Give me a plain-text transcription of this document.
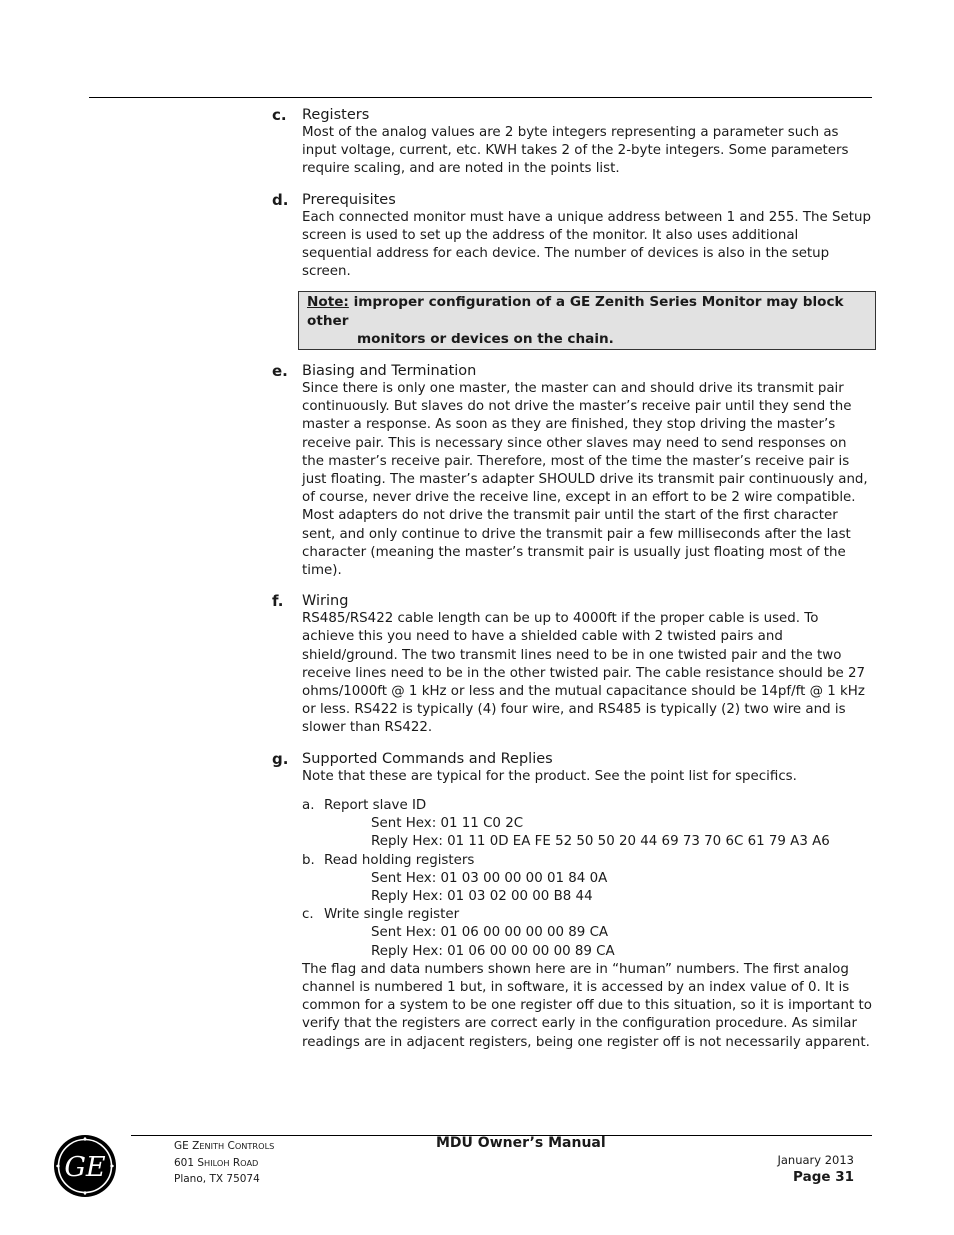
c. Registers

Most of the analog values are 2 byte integers representing a parameter such as input voltage, current, etc. KWH takes 2 of the 2-byte integers. Some parameters require scaling, and are noted in the points list.

d. Prerequisites

Each connected monitor must have a unique address between 1 and 255. The Setup screen is used to set up the address of the monitor. It also uses additional sequential address for each device. The number of devices is also in the setup screen.

Note: improper configuration of a GE Zenith Series Monitor may block other
monitors or devices on the chain.
e. Biasing and Termination

Since there is only one master, the master can and should drive its transmit pair continuously. But slaves do not drive the master’s receive pair until they send the master a response. As soon as they are finished, they stop driving the master’s receive pair. This is necessary since other slaves may need to send responses on the master’s receive pair. Therefore, most of the time the master’s receive pair is just floating. The master’s adapter SHOULD drive its transmit pair continuously and, of course, never drive the receive line, except in an effort to be 2 wire compatible. Most adapters do not drive the transmit pair until the start of the first character sent, and only continue to drive the transmit pair a few milliseconds after the last character (meaning the master’s transmit pair is usually just floating most of the time).

f. Wiring

RS485/RS422 cable length can be up to 4000ft if the proper cable is used. To achieve this you need to have a shielded cable with 2 twisted pairs and shield/ground. The two transmit lines need to be in one twisted pair and the two receive lines need to be in the other twisted pair. The cable resistance should be 27 ohms/1000ft @ 1 kHz or less and the mutual capacitance should be 14pf/ft @ 1 kHz or less. RS422 is typically (4) four wire, and RS485 is typically (2) two wire and is slower than RS422.

g. Supported Commands and Replies

Note that these are typical for the product. See the point list for specifics.

a. Report slave ID
Sent Hex: 01 11 C0 2C
Reply Hex: 01 11 0D EA FE 52 50 50 20 44 69 73 70 6C 61 79 A3 A6
b. Read holding registers
Sent Hex: 01 03 00 00 00 01 84 0A
Reply Hex: 01 03 02 00 00 B8 44
c. Write single register
Sent Hex: 01 06 00 00 00 00 89 CA
Reply Hex: 01 06 00 00 00 00 89 CA

The flag and data numbers shown here are in “human” numbers. The first analog channel is numbered 1 but, in software, it is accessed by an index value of 0. It is common for a system to be one register off due to this situation, so it is important to verify that the registers are correct early in the configuration procedure. As similar readings are in adjacent registers, being one register off is not necessarily apparent.

GE
GE ZENITH CONTROLS
601 SHILOH ROAD
Plano, TX 75074
MDU Owner’s Manual
January 2013
Page 31
